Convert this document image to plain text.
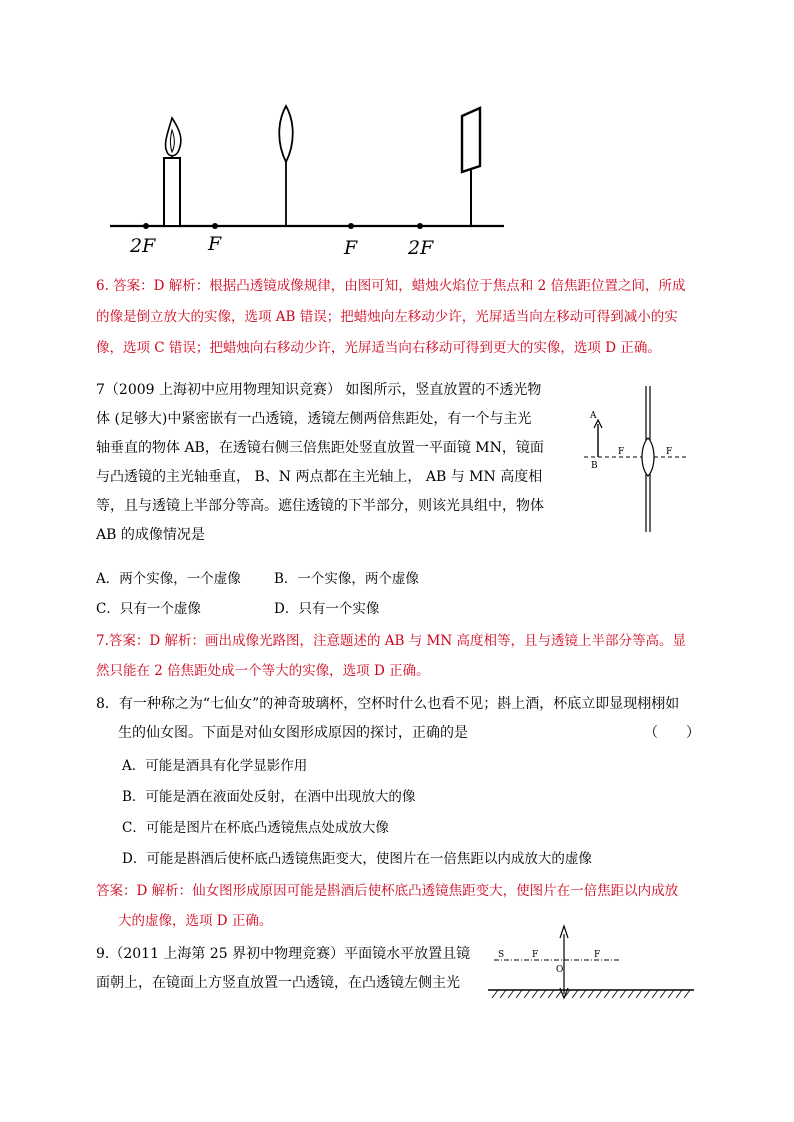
2F	F	F	2F
6. 答案：D 解析：根据凸透镜成像规律，由图可知，蜡烛火焰位于焦点和 2 倍焦距位置之间，所成
的像是倒立放大的实像，选项 AB 错误；把蜡烛向左移动少许，光屏适当向左移动可得到减小的实
像，选项 C 错误；把蜡烛向右移动少许，光屏适当向右移动可得到更大的实像，选项 D 正确。
7（2009 上海初中应用物理知识竞赛） 如图所示，竖直放置的不透光物
体 (足够大)中紧密嵌有一凸透镜，透镜左侧两倍焦距处，有一个与主光
轴垂直的物体 AB，在透镜右侧三倍焦距处竖直放置一平面镜 MN，镜面
与凸透镜的主光轴垂直， B、N 两点都在主光轴上， AB 与 MN 高度相
等，且与透镜上半部分等高。遮住透镜的下半部分，则该光具组中，物体
AB 的成像情况是
A
B
F	F
A．两个实像，一个虚像 B．一个实像，两个虚像
C．只有一个虚像	D．只有一个实像
7.答案：D 解析：画出成像光路图，注意题述的 AB 与 MN 高度相等，且与透镜上半部分等高。显
然只能在 2 倍焦距处成一个等大的实像，选项 D 正确。
8．有一种称之为“七仙女”的神奇玻璃杯，空杯时什么也看不见；斟上酒，杯底立即显现栩栩如
生的仙女图。下面是对仙女图形成原因的探讨，正确的是	（　　）
A．可能是酒具有化学显影作用
B．可能是酒在液面处反射，在酒中出现放大的像
C．可能是图片在杯底凸透镜焦点处成放大像
D．可能是斟酒后使杯底凸透镜焦距变大，使图片在一倍焦距以内成放大的虚像
答案：D 解析：仙女图形成原因可能是斟酒后使杯底凸透镜焦距变大，使图片在一倍焦距以内成放
大的虚像，选项 D 正确。
9.（2011 上海第 25 界初中物理竞赛）平面镜水平放置且镜
面朝上，在镜面上方竖直放置一凸透镜，在凸透镜左侧主光
S	F
O
F
